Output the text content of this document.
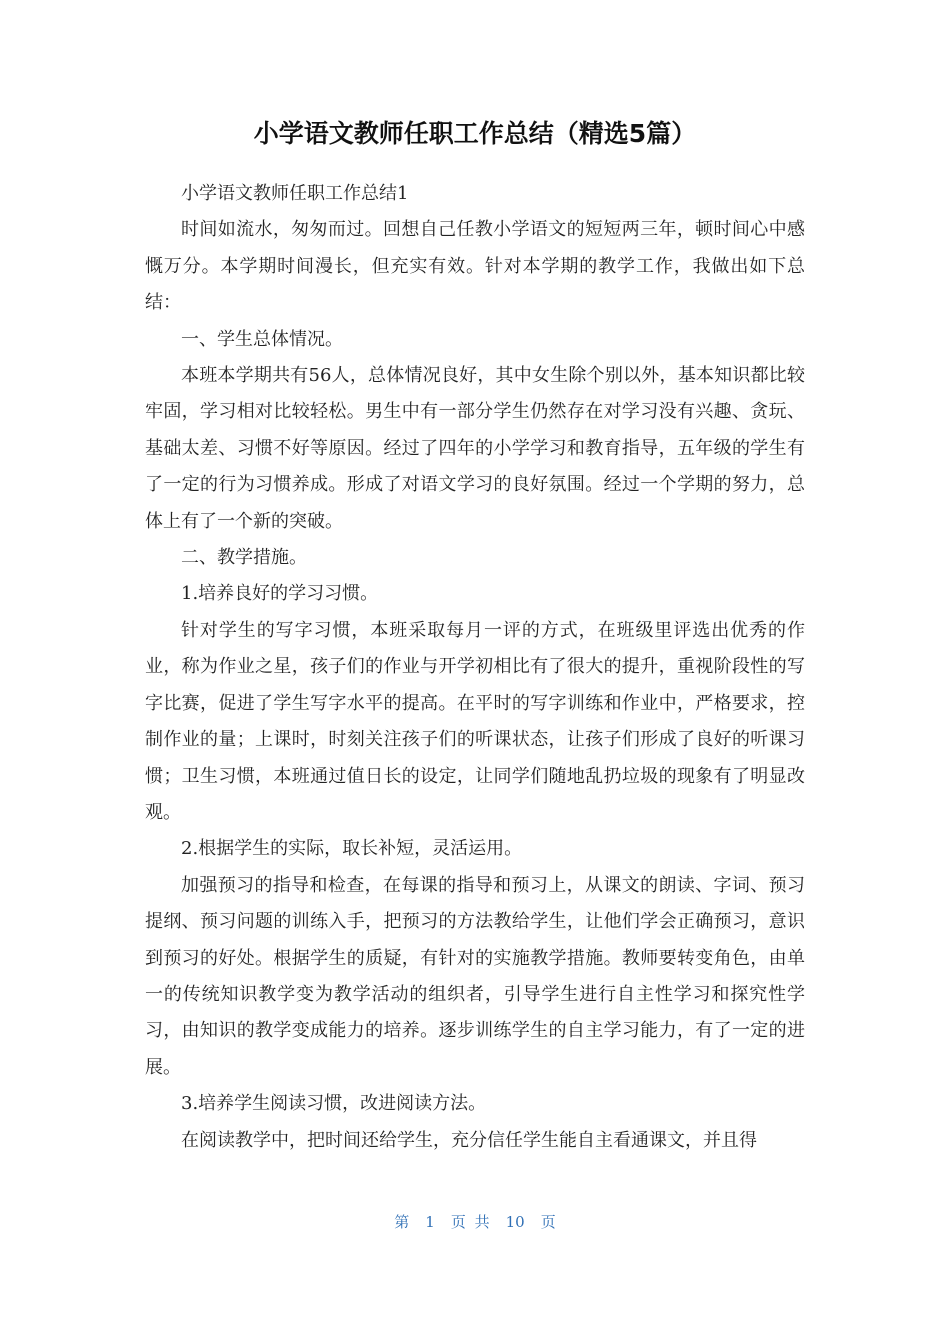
小学语文教师任职工作总结（精选5篇）

小学语文教师任职工作总结1

时间如流水，匆匆而过。回想自己任教小学语文的短短两三年，顿时间心中感慨万分。本学期时间漫长，但充实有效。针对本学期的教学工作，我做出如下总结：

一、学生总体情况。

本班本学期共有56人，总体情况良好，其中女生除个别以外，基本知识都比较牢固，学习相对比较轻松。男生中有一部分学生仍然存在对学习没有兴趣、贪玩、基础太差、习惯不好等原因。经过了四年的小学学习和教育指导，五年级的学生有了一定的行为习惯养成。形成了对语文学习的良好氛围。经过一个学期的努力，总体上有了一个新的突破。

二、教学措施。

1.培养良好的学习习惯。

针对学生的写字习惯，本班采取每月一评的方式，在班级里评选出优秀的作业，称为作业之星，孩子们的作业与开学初相比有了很大的提升，重视阶段性的写字比赛，促进了学生写字水平的提高。在平时的写字训练和作业中，严格要求，控制作业的量；上课时，时刻关注孩子们的听课状态，让孩子们形成了良好的听课习惯；卫生习惯，本班通过值日长的设定，让同学们随地乱扔垃圾的现象有了明显改观。

2.根据学生的实际，取长补短，灵活运用。

加强预习的指导和检查，在每课的指导和预习上，从课文的朗读、字词、预习提纲、预习问题的训练入手，把预习的方法教给学生，让他们学会正确预习，意识到预习的好处。根据学生的质疑，有针对的实施教学措施。教师要转变角色，由单一的传统知识教学变为教学活动的组织者，引导学生进行自主性学习和探究性学习，由知识的教学变成能力的培养。逐步训练学生的自主学习能力，有了一定的进展。

3.培养学生阅读习惯，改进阅读方法。

在阅读教学中，把时间还给学生，充分信任学生能自主看通课文，并且得

第 1 页 共 10 页
